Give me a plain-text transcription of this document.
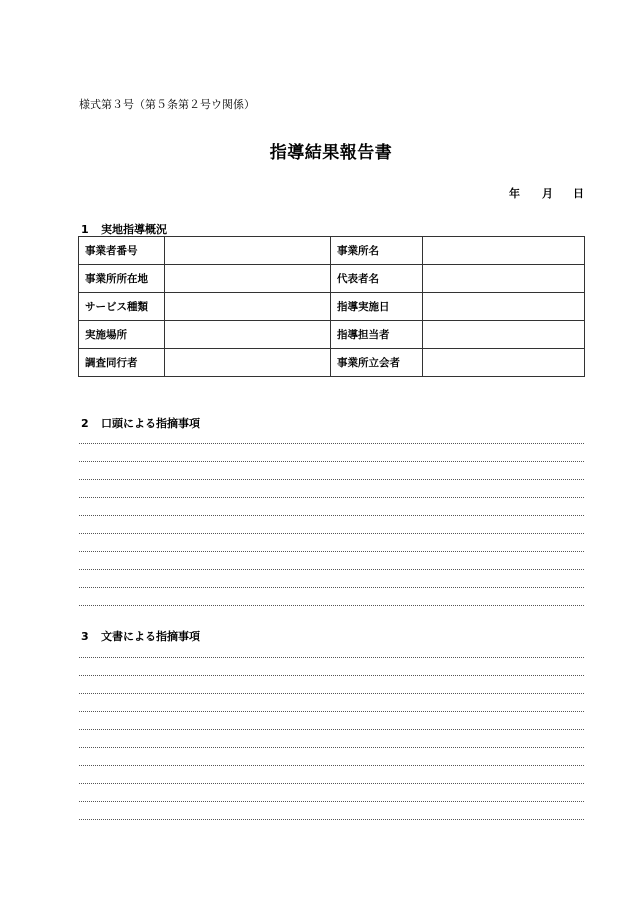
様式第３号（第５条第２号ウ関係）
指導結果報告書
年 月 日
1 実地指導概況
事業者番号		事業所名	
事業所所在地		代表者名	
サービス種類		指導実施日	
実施場所		指導担当者	
調査同行者		事業所立会者	
2 口頭による指摘事項
3 文書による指摘事項
